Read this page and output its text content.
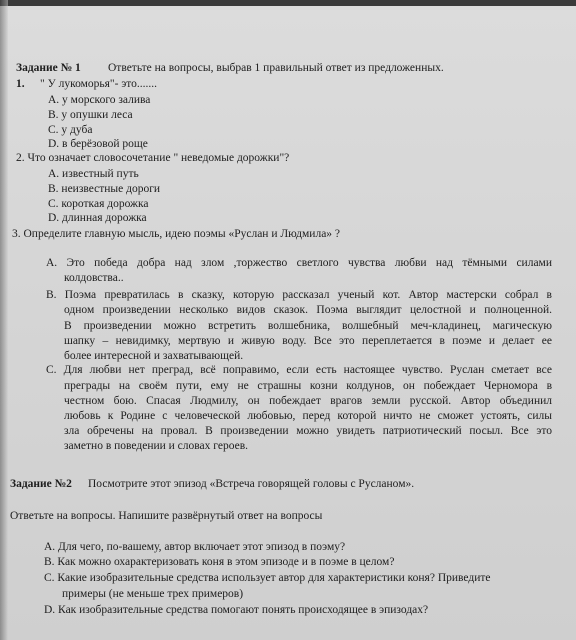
Задание № 1 Ответьте на вопросы, выбрав 1 правильный ответ из предложенных.
1. " У лукоморья"- это.......
A. у морского залива
B. у опушки леса
C. у дуба
D. в берёзовой роще
2. Что означает словосочетание " неведомые дорожки"?
A. известный путь
B. неизвестные дороги
C. короткая дорожка
D. длинная дорожка
3. Определите главную мысль, идею поэмы «Руслан и Людмила» ?
A. Это победа добра над злом ,торжество светлого чувства любви над тёмными силами
колдовства..
B. Поэма превратилась в сказку, которую рассказал ученый кот. Автор мастерски собрал в
одном произведении несколько видов сказок. Поэма выглядит целостной и полноценной.
В произведении можно встретить волшебника, волшебный меч-кладинец, магическую
шапку – невидимку, мертвую и живую воду. Все это переплетается в поэме и делает ее
более интересной и захватывающей.
C. Для любви нет преград, всё поправимо, если есть настоящее чувство. Руслан сметает все
преграды на своём пути, ему не страшны козни колдунов, он побеждает Черномора в
честном бою. Спасая Людмилу, он побеждает врагов земли русской. Автор объединил
любовь к Родине с человеческой любовью, перед которой ничто не сможет устоять, силы
зла обречены на провал. В произведении можно увидеть патриотический посыл. Все это
заметно в поведении и словах героев.
Задание №2 Посмотрите этот эпизод «Встреча говорящей головы с Русланом».
Ответьте на вопросы. Напишите развёрнутый ответ на вопросы
A. Для чего, по-вашему, автор включает этот эпизод в поэму?
B. Как можно охарактеризовать коня в этом эпизоде и в поэме в целом?
C. Какие изобразительные средства использует автор для характеристики коня? Приведите
примеры (не меньше трех примеров)
D. Как изобразительные средства помогают понять происходящее в эпизодах?
